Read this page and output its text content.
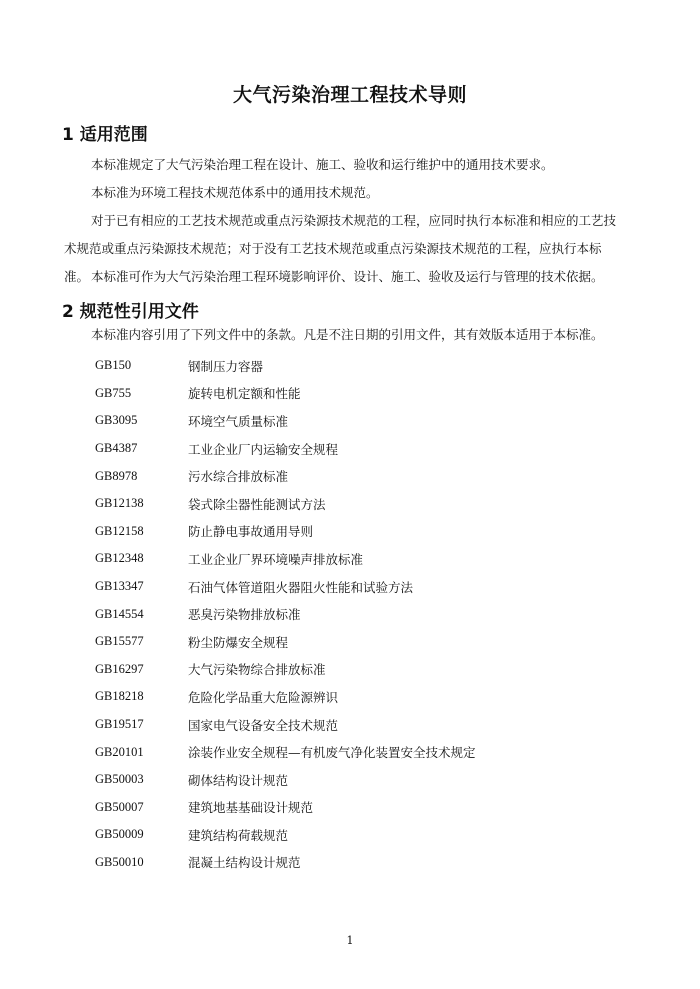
大气污染治理工程技术导则
1 适用范围
本标准规定了大气污染治理工程在设计、施工、验收和运行维护中的通用技术要求。
本标准为环境工程技术规范体系中的通用技术规范。
对于已有相应的工艺技术规范或重点污染源技术规范的工程，应同时执行本标准和相应的工艺技术规范或重点污染源技术规范；对于没有工艺技术规范或重点污染源技术规范的工程，应执行本标准。 本标准可作为大气污染治理工程环境影响评价、设计、施工、验收及运行与管理的技术依据。
2 规范性引用文件
本标准内容引用了下列文件中的条款。凡是不注日期的引用文件，其有效版本适用于本标准。
GB150	钢制压力容器
GB755	旋转电机定额和性能
GB3095	环境空气质量标准
GB4387	工业企业厂内运输安全规程
GB8978	污水综合排放标准
GB12138	袋式除尘器性能测试方法
GB12158	防止静电事故通用导则
GB12348	工业企业厂界环境噪声排放标准
GB13347	石油气体管道阻火器阻火性能和试验方法
GB14554	恶臭污染物排放标准
GB15577	粉尘防爆安全规程
GB16297	大气污染物综合排放标准
GB18218	危险化学品重大危险源辨识
GB19517	国家电气设备安全技术规范
GB20101	涂装作业安全规程—有机废气净化装置安全技术规定
GB50003	砌体结构设计规范
GB50007	建筑地基基础设计规范
GB50009	建筑结构荷载规范
GB50010	混凝土结构设计规范
1
